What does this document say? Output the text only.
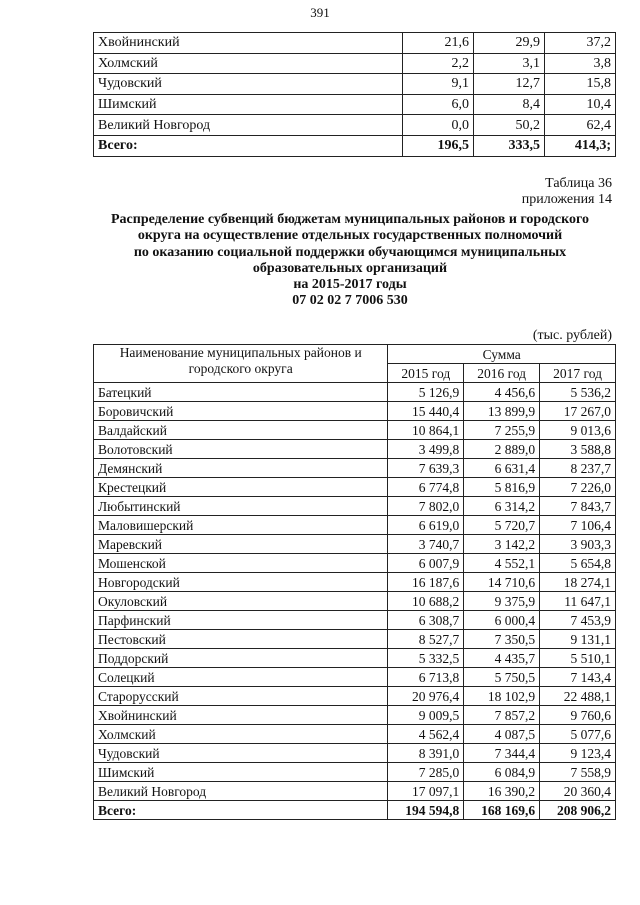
391
Хвойнинский	21,6	29,9	37,2
Холмский	2,2	3,1	3,8
Чудовский	9,1	12,7	15,8
Шимский	6,0	8,4	10,4
Великий Новгород	0,0	50,2	62,4
Всего:	196,5	333,5	414,3;
Таблица 36
приложения 14
Распределение субвенций бюджетам муниципальных районов и городского
округа на осуществление отдельных государственных полномочий
по оказанию социальной поддержки обучающимся муниципальных
образовательных организаций
на 2015-2017 годы
07 02 02 7 7006 530
(тыс. рублей)
Наименование муниципальных районов и городского округа	Сумма		
	2015 год	2016 год	2017 год
Батецкий	5 126,9	4 456,6	5 536,2
Боровичский	15 440,4	13 899,9	17 267,0
Валдайский	10 864,1	7 255,9	9 013,6
Волотовский	3 499,8	2 889,0	3 588,8
Демянский	7 639,3	6 631,4	8 237,7
Крестецкий	6 774,8	5 816,9	7 226,0
Любытинский	7 802,0	6 314,2	7 843,7
Маловишерский	6 619,0	5 720,7	7 106,4
Маревский	3 740,7	3 142,2	3 903,3
Мошенской	6 007,9	4 552,1	5 654,8
Новгородский	16 187,6	14 710,6	18 274,1
Окуловский	10 688,2	9 375,9	11 647,1
Парфинский	6 308,7	6 000,4	7 453,9
Пестовский	8 527,7	7 350,5	9 131,1
Поддорский	5 332,5	4 435,7	5 510,1
Солецкий	6 713,8	5 750,5	7 143,4
Старорусский	20 976,4	18 102,9	22 488,1
Хвойнинский	9 009,5	7 857,2	9 760,6
Холмский	4 562,4	4 087,5	5 077,6
Чудовский	8 391,0	7 344,4	9 123,4
Шимский	7 285,0	6 084,9	7 558,9
Великий Новгород	17 097,1	16 390,2	20 360,4
Всего:	194 594,8	168 169,6	208 906,2
